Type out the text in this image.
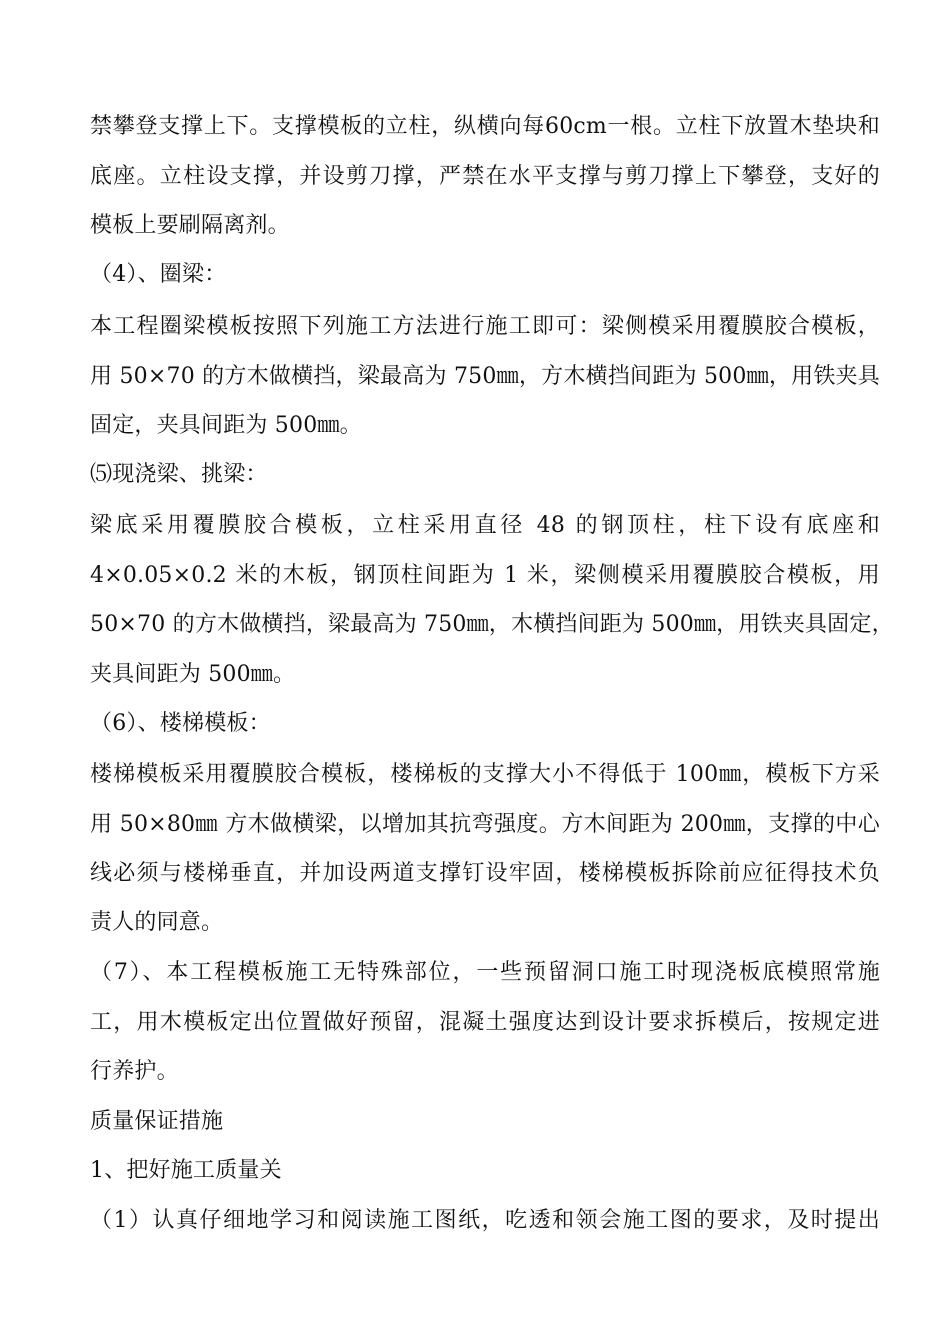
禁攀登支撑上下。支撑模板的立柱，纵横向每60cm一根。立柱下放置木垫块和
底座。立柱设支撑，并设剪刀撑，严禁在水平支撑与剪刀撑上下攀登，支好的
模板上要刷隔离剂。
（4）、圈梁：
本工程圈梁模板按照下列施工方法进行施工即可：梁侧模采用覆膜胶合模板，
用 50×70 的方木做横挡，梁最高为 750㎜，方木横挡间距为 500㎜，用铁夹具
固定，夹具间距为 500㎜。
⑸现浇梁、挑梁：
梁底采用覆膜胶合模板，立柱采用直径 48 的钢顶柱，柱下设有底座和
4×0.05×0.2 米的木板，钢顶柱间距为 1 米，梁侧模采用覆膜胶合模板，用
50×70 的方木做横挡，梁最高为 750㎜，木横挡间距为 500㎜，用铁夹具固定，
夹具间距为 500㎜。
（6）、楼梯模板：
楼梯模板采用覆膜胶合模板，楼梯板的支撑大小不得低于 100㎜，模板下方采
用 50×80㎜ 方木做横梁，以增加其抗弯强度。方木间距为 200㎜，支撑的中心
线必须与楼梯垂直，并加设两道支撑钉设牢固，楼梯模板拆除前应征得技术负
责人的同意。
（7）、本工程模板施工无特殊部位，一些预留洞口施工时现浇板底模照常施
工，用木模板定出位置做好预留，混凝土强度达到设计要求拆模后，按规定进
行养护。
质量保证措施
1、把好施工质量关
（1）认真仔细地学习和阅读施工图纸，吃透和领会施工图的要求，及时提出
